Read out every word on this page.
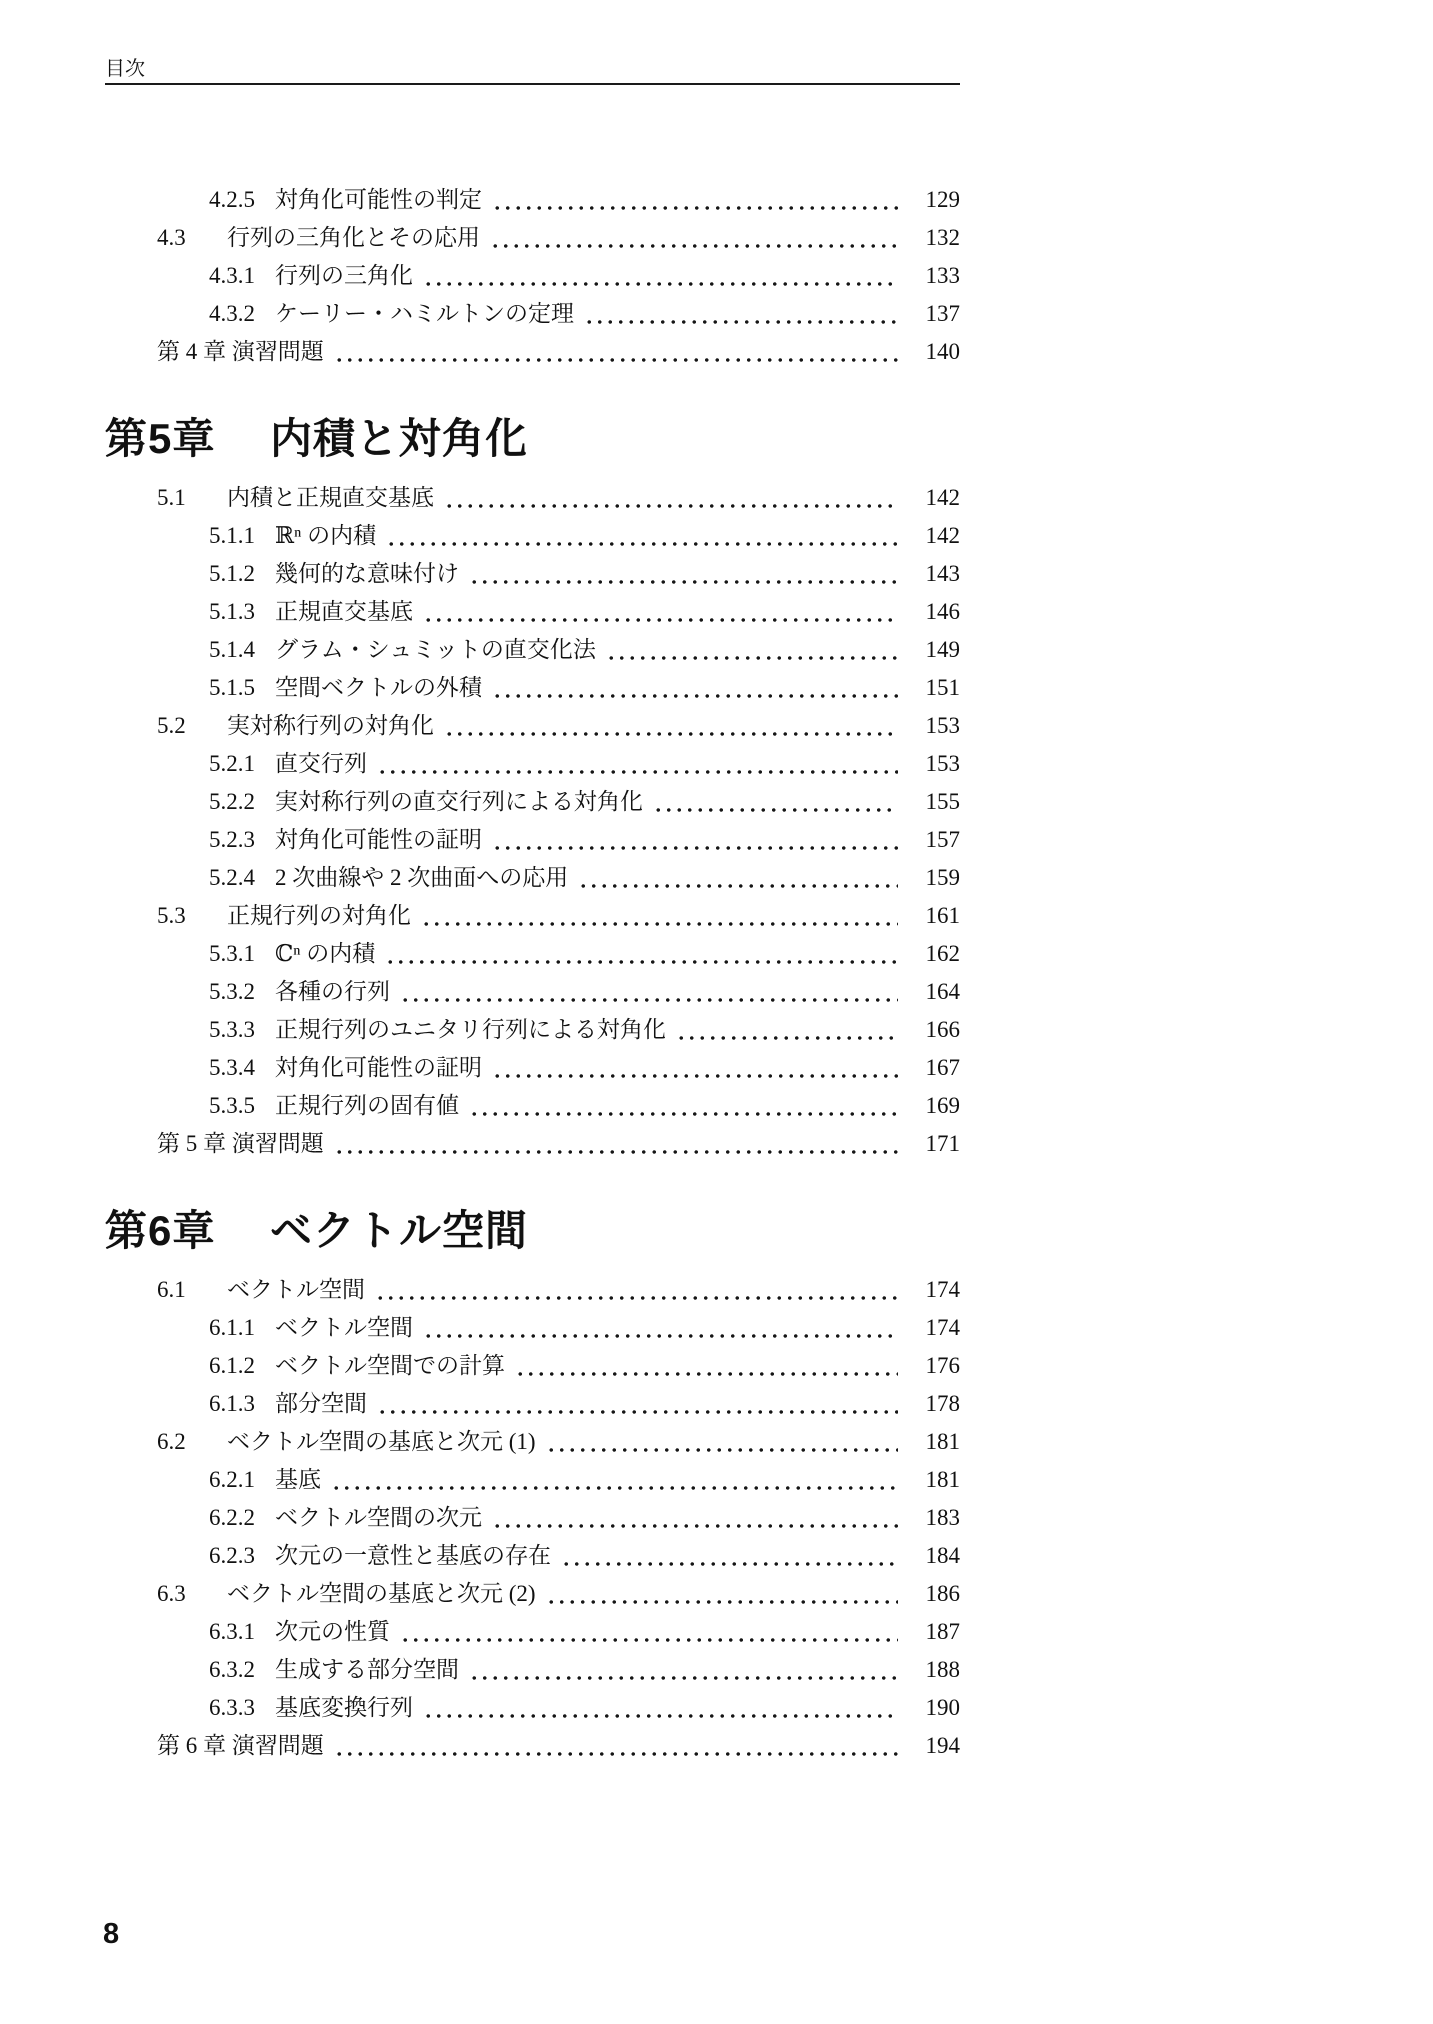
目次
4.2.5 対角化可能性の判定	129
4.3	行列の三角化とその応用	132
4.3.1 行列の三角化	133
4.3.2 ケーリー・ハミルトンの定理	137
第 4 章 演習問題	140
第5章 内積と対角化
5.1	内積と正規直交基底	142
5.1.1 ℝⁿ の内積	142
5.1.2 幾何的な意味付け	143
5.1.3 正規直交基底	146
5.1.4 グラム・シュミットの直交化法	149
5.1.5 空間ベクトルの外積	151
5.2	実対称行列の対角化	153
5.2.1 直交行列	153
5.2.2 実対称行列の直交行列による対角化	155
5.2.3 対角化可能性の証明	157
5.2.4 2 次曲線や 2 次曲面への応用	159
5.3	正規行列の対角化	161
5.3.1 ℂⁿ の内積	162
5.3.2 各種の行列	164
5.3.3 正規行列のユニタリ行列による対角化	166
5.3.4 対角化可能性の証明	167
5.3.5 正規行列の固有値	169
第 5 章 演習問題	171
第6章 ベクトル空間
6.1	ベクトル空間	174
6.1.1 ベクトル空間	174
6.1.2 ベクトル空間での計算	176
6.1.3 部分空間	178
6.2	ベクトル空間の基底と次元 (1)	181
6.2.1 基底	181
6.2.2 ベクトル空間の次元	183
6.2.3 次元の一意性と基底の存在	184
6.3	ベクトル空間の基底と次元 (2)	186
6.3.1 次元の性質	187
6.3.2 生成する部分空間	188
6.3.3 基底変換行列	190
第 6 章 演習問題	194
8
